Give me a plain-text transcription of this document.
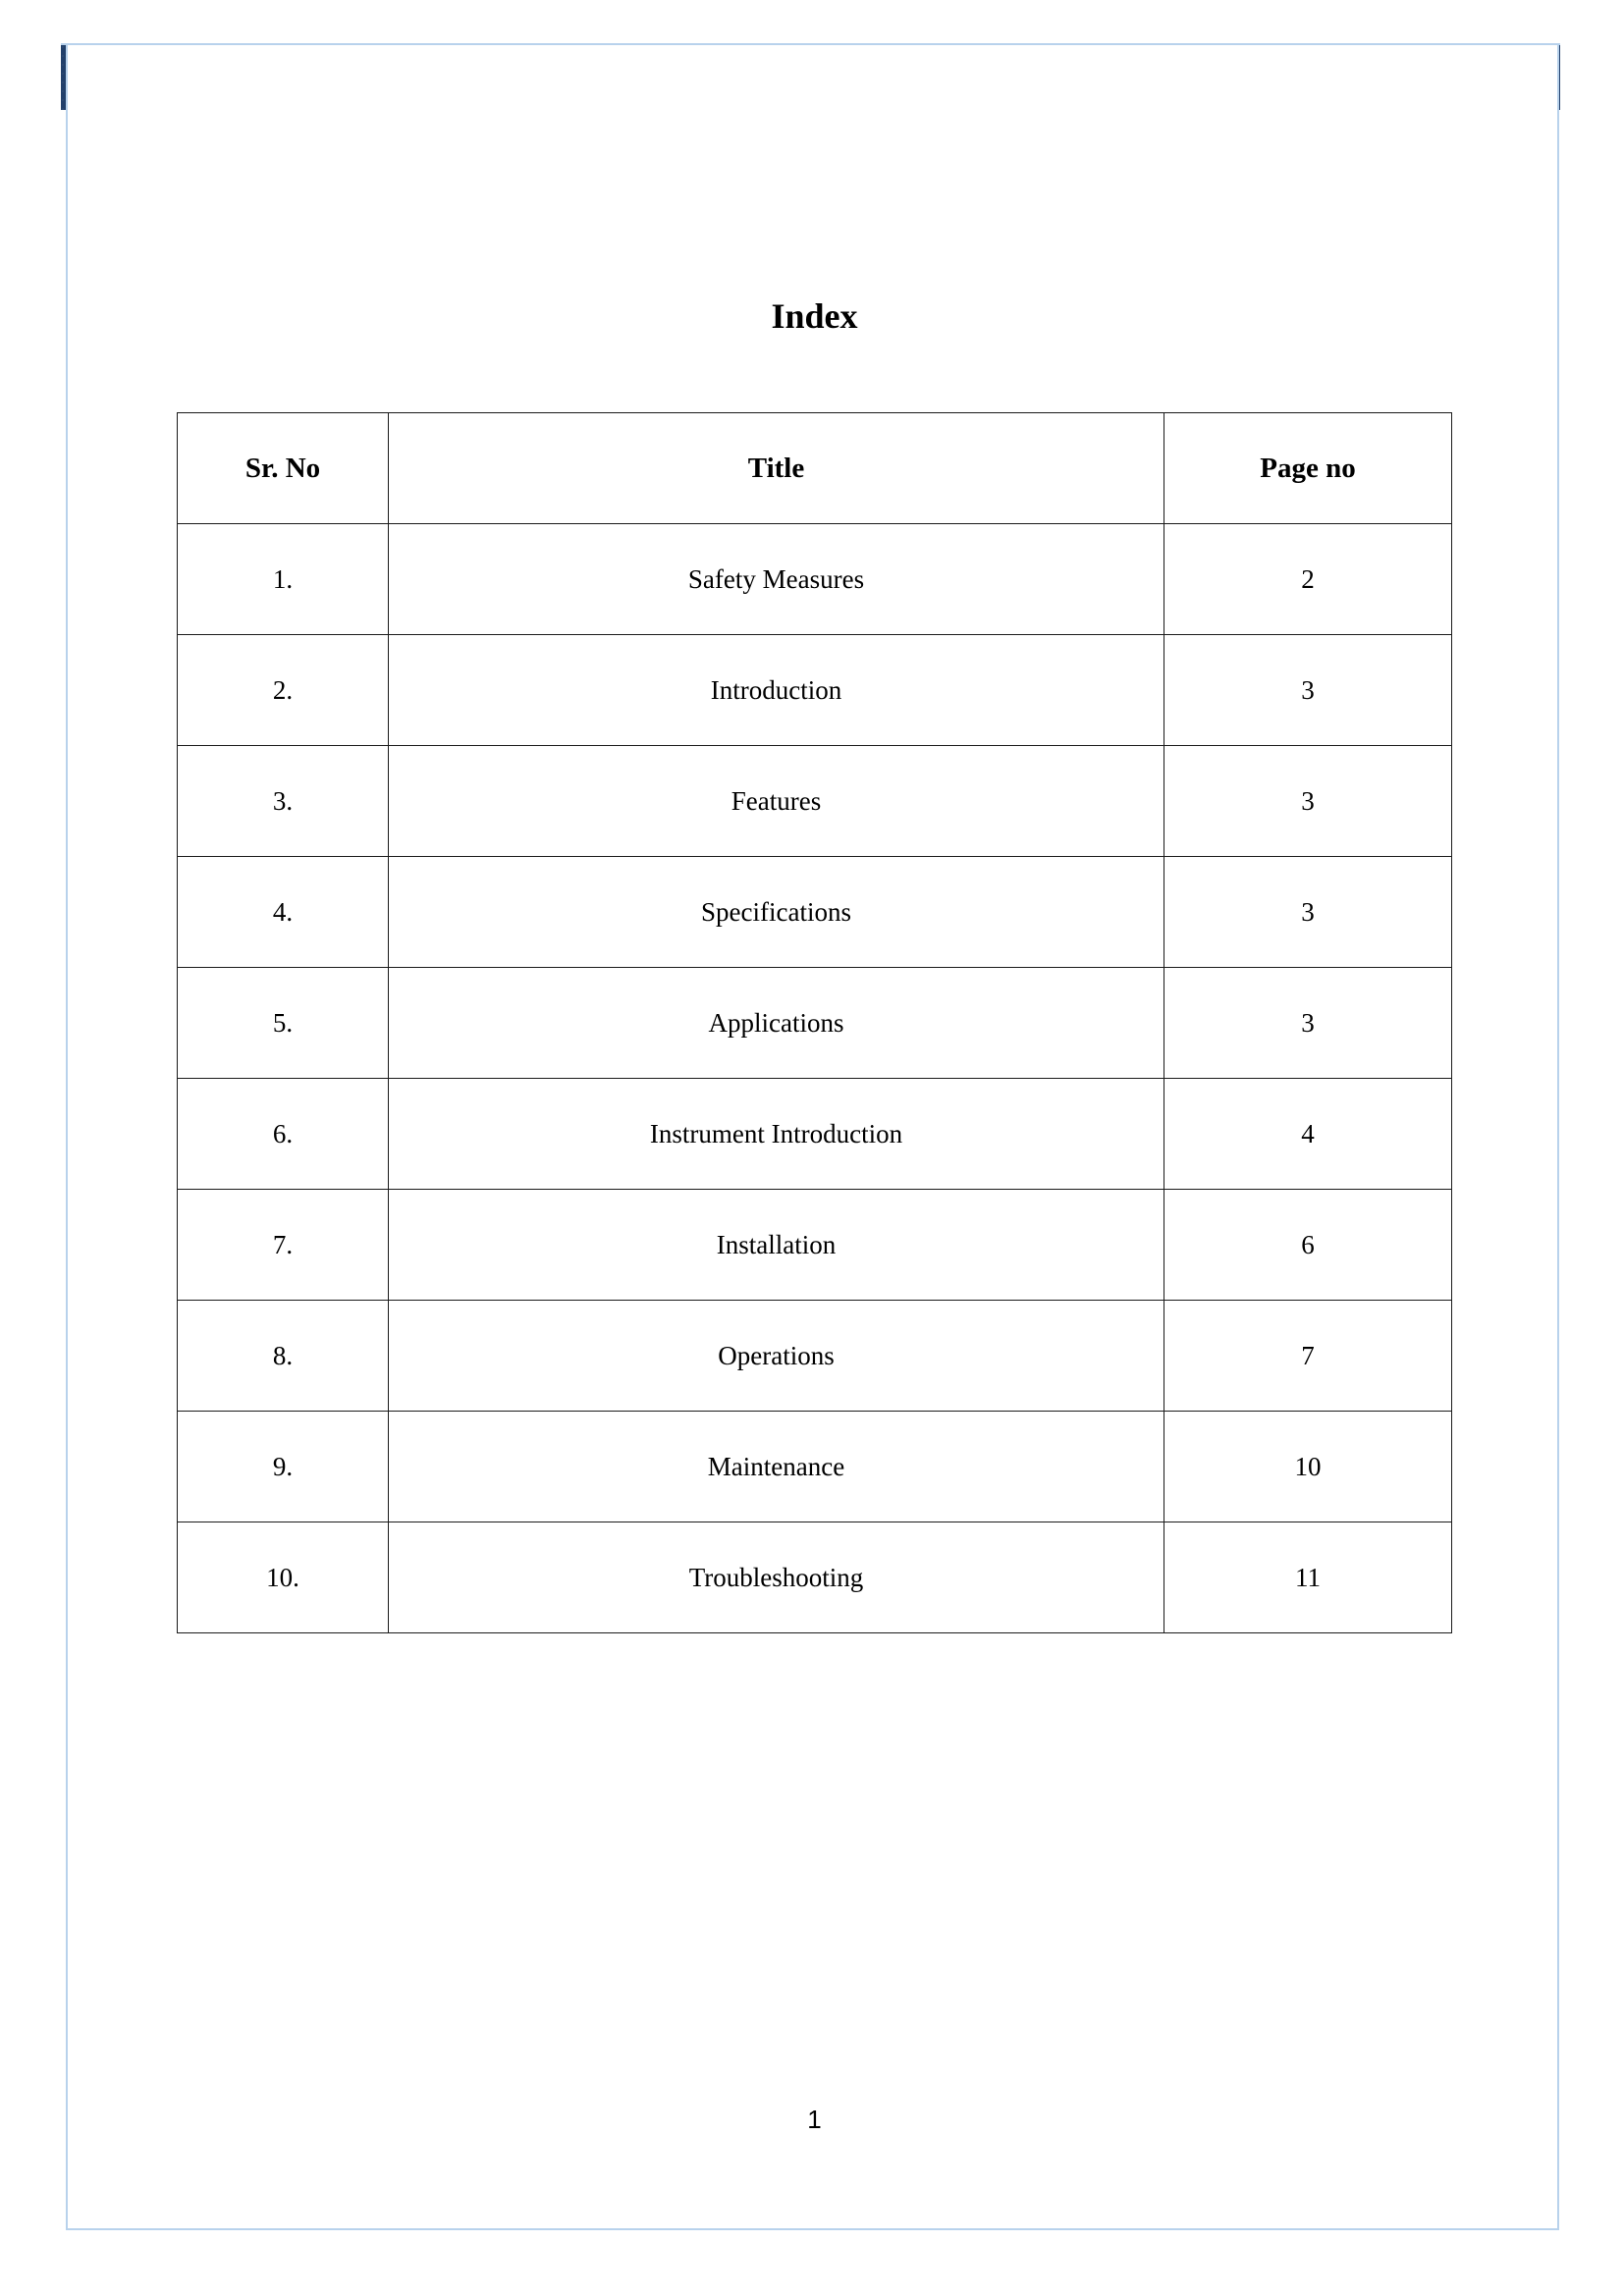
Index
Sr. No	Title	Page no
1.	Safety Measures	2
2.	Introduction	3
3.	Features	3
4.	Specifications	3
5.	Applications	3
6.	Instrument Introduction	4
7.	Installation	6
8.	Operations	7
9.	Maintenance	10
10.	Troubleshooting	11
1
